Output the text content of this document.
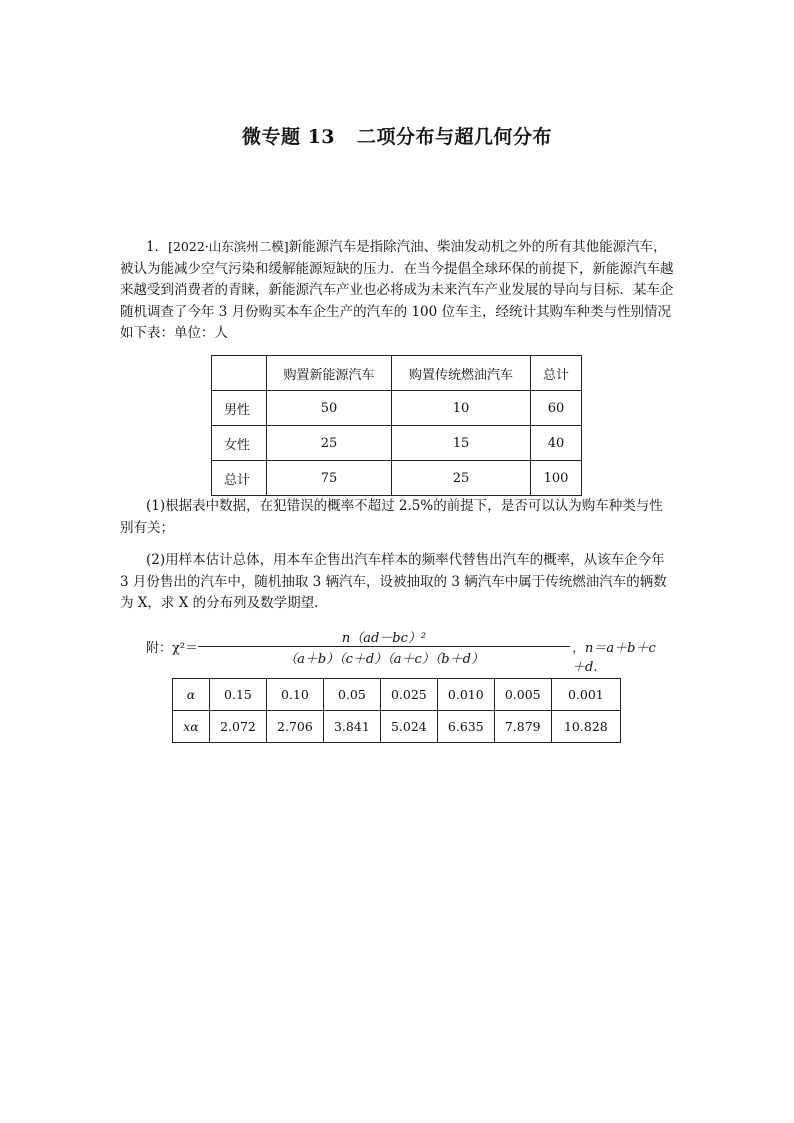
微专题 13 二项分布与超几何分布
1．[2022·山东滨州二模]新能源汽车是指除汽油、柴油发动机之外的所有其他能源汽车，被认为能减少空气污染和缓解能源短缺的压力．在当今提倡全球环保的前提下，新能源汽车越来越受到消费者的青睐，新能源汽车产业也必将成为未来汽车产业发展的导向与目标．某车企随机调查了今年 3 月份购买本车企生产的汽车的 100 位车主，经统计其购车种类与性别情况如下表：单位：人
	购置新能源汽车	购置传统燃油汽车	总计
男性	50	10	60
女性	25	15	40
总计	75	25	100
(1)根据表中数据，在犯错误的概率不超过 2.5%的前提下，是否可以认为购车种类与性别有关；
(2)用样本估计总体，用本车企售出汽车样本的频率代替售出汽车的概率，从该车企今年 3 月份售出的汽车中，随机抽取 3 辆汽车，设被抽取的 3 辆汽车中属于传统燃油汽车的辆数为 X，求 X 的分布列及数学期望．
附：χ²＝
n（ad－bc）²
（a＋b）（c＋d）（a＋c）（b＋d）
，n＝a＋b＋c＋d.
α	0.15	0.10	0.05	0.025	0.010	0.005	0.001
xα	2.072	2.706	3.841	5.024	6.635	7.879	10.828
